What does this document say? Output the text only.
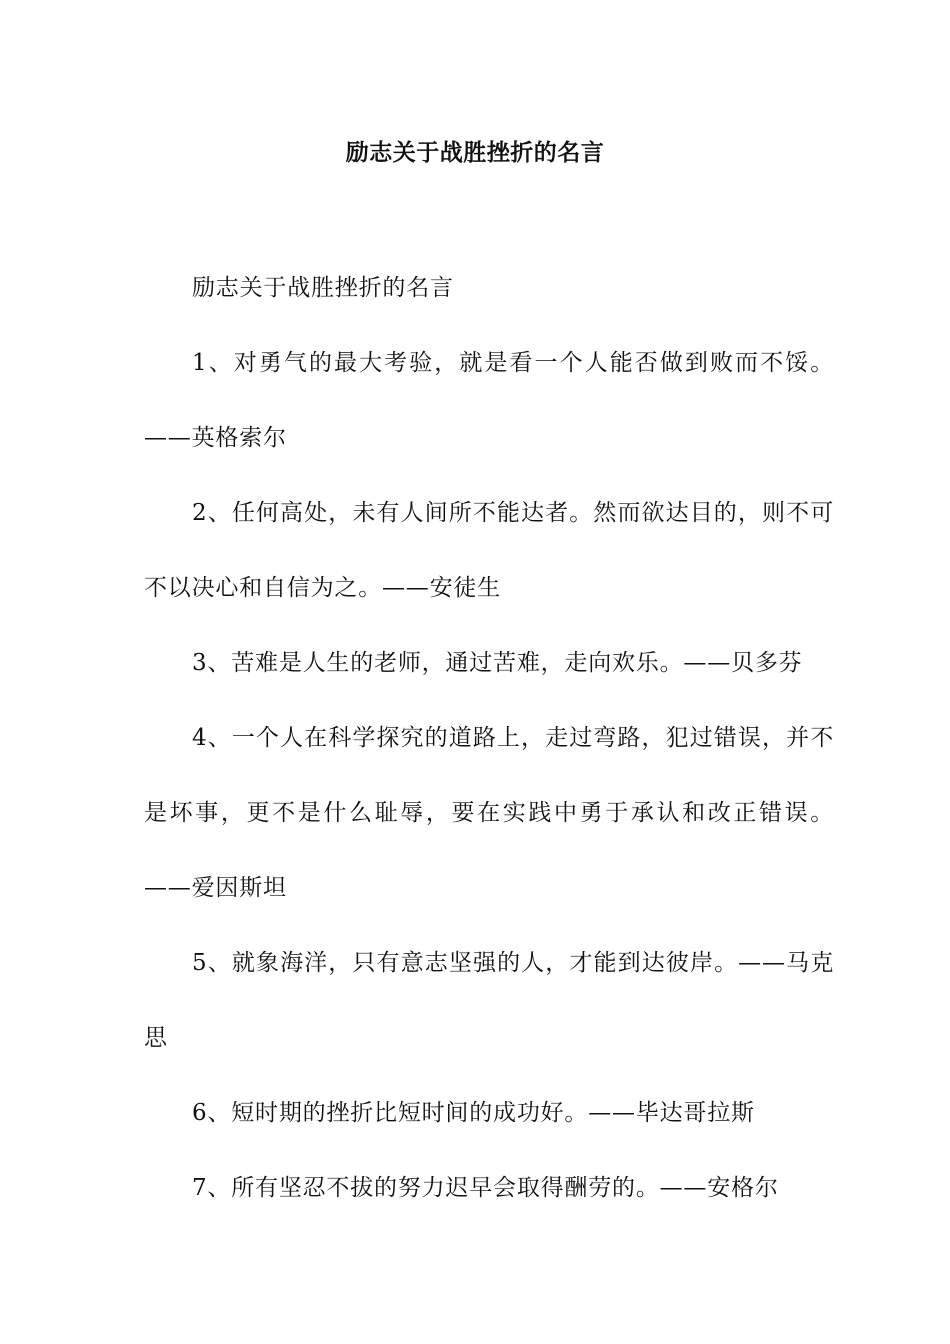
励志关于战胜挫折的名言

励志关于战胜挫折的名言

1、对勇气的最大考验，就是看一个人能否做到败而不馁。——英格索尔

2、任何高处，未有人间所不能达者。然而欲达目的，则不可不以决心和自信为之。——安徒生

3、苦难是人生的老师，通过苦难，走向欢乐。——贝多芬

4、一个人在科学探究的道路上，走过弯路，犯过错误，并不是坏事，更不是什么耻辱，要在实践中勇于承认和改正错误。——爱因斯坦

5、就象海洋，只有意志坚强的人，才能到达彼岸。——马克思

6、短时期的挫折比短时间的成功好。——毕达哥拉斯

7、所有坚忍不拔的努力迟早会取得酬劳的。——安格尔
